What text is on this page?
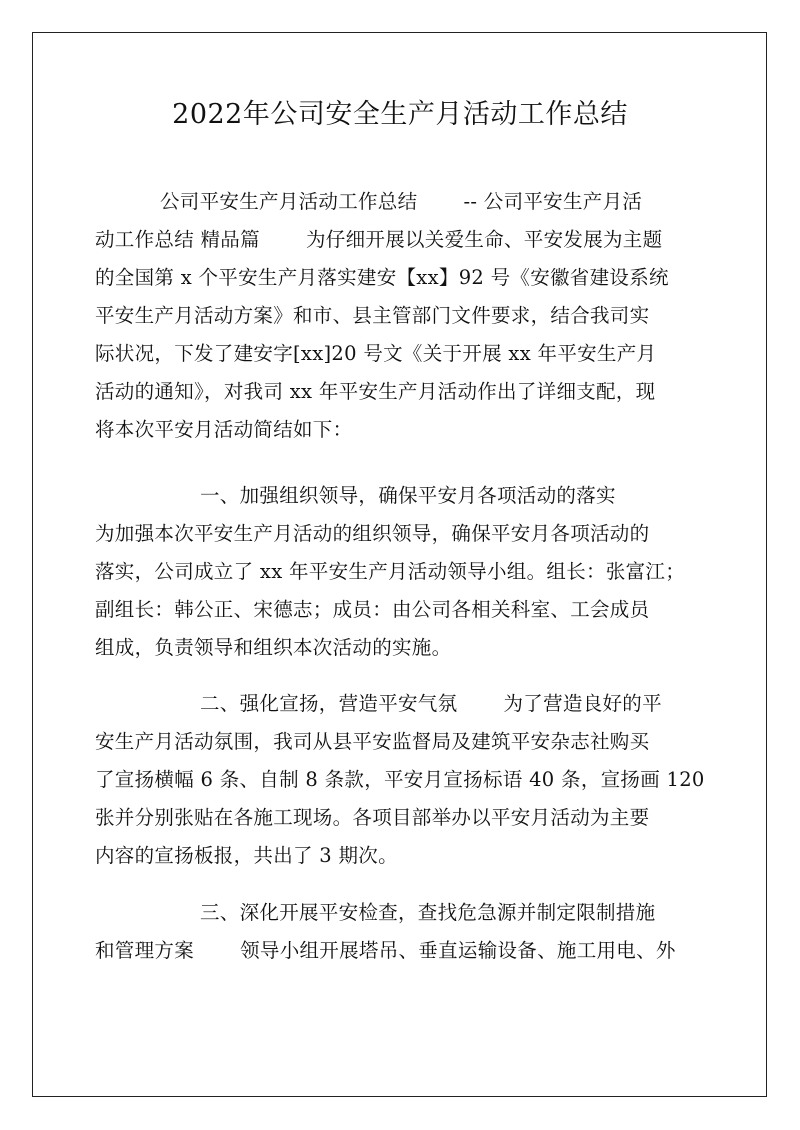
2022年公司安全生产月活动工作总结
公司平安生产月活动工作总结　　 -- 公司平安生产月活
动工作总结 精品篇　　 为仔细开展以关爱生命、平安发展为主题
的全国第 x 个平安生产月落实建安【xx】92 号《安徽省建设系统
平安生产月活动方案》和市、县主管部门文件要求，结合我司实
际状况，下发了建安字[xx]20 号文《关于开展 xx 年平安生产月
活动的通知》，对我司 xx 年平安生产月活动作出了详细支配，现
将本次平安月活动简结如下：
一、加强组织领导，确保平安月各项活动的落实
为加强本次平安生产月活动的组织领导，确保平安月各项活动的
落实，公司成立了 xx 年平安生产月活动领导小组。组长：张富江；
副组长：韩公正、宋德志；成员：由公司各相关科室、工会成员
组成，负责领导和组织本次活动的实施。
二、强化宣扬，营造平安气氛　　 为了营造良好的平
安生产月活动氛围，我司从县平安监督局及建筑平安杂志社购买
了宣扬横幅 6 条、自制 8 条款，平安月宣扬标语 40 条，宣扬画 120
张并分别张贴在各施工现场。各项目部举办以平安月活动为主要
内容的宣扬板报，共出了 3 期次。
三、深化开展平安检查，查找危急源并制定限制措施
和管理方案　　 领导小组开展塔吊、垂直运输设备、施工用电、外
